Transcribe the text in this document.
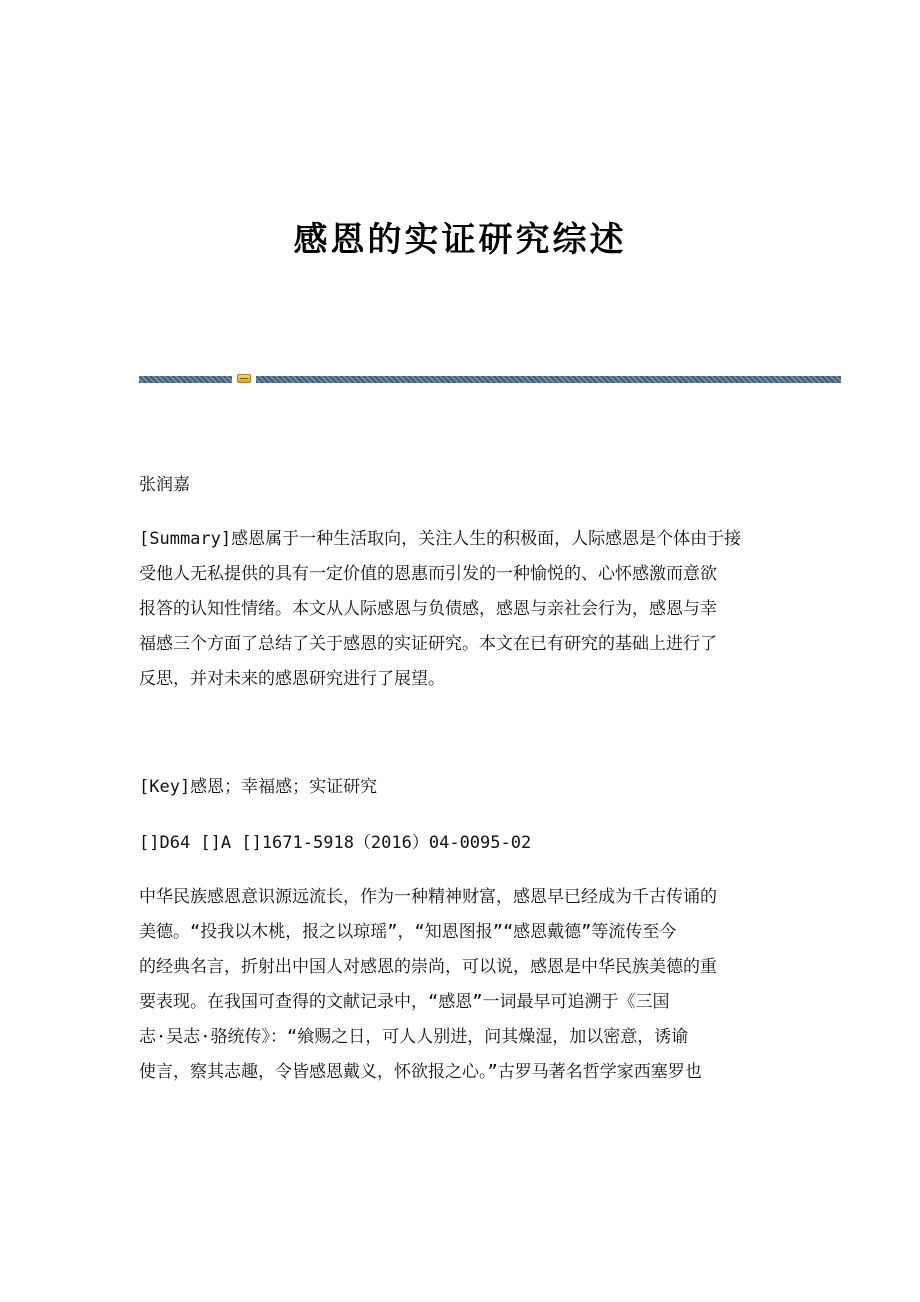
感恩的实证研究综述
张润嘉
[Summary]感恩属于一种生活取向，关注人生的积极面，人际感恩是个体由于接
受他人无私提供的具有一定价值的恩惠而引发的一种愉悦的、心怀感激而意欲
报答的认知性情绪。本文从人际感恩与负债感，感恩与亲社会行为，感恩与幸
福感三个方面了总结了关于感恩的实证研究。本文在已有研究的基础上进行了
反思，并对未来的感恩研究进行了展望。
[Key]感恩；幸福感；实证研究
[]D64 []A []1671-5918（2016）04-0095-02
中华民族感恩意识源远流长，作为一种精神财富，感恩早已经成为千古传诵的
美德。“投我以木桃，报之以琼瑶”，“知恩图报”“感恩戴德”等流传至今
的经典名言，折射出中国人对感恩的崇尚，可以说，感恩是中华民族美德的重
要表现。在我国可查得的文献记录中，“感恩”一词最早可追溯于《三国
志·吴志·骆统传》：“飨赐之日，可人人别进，问其燥湿，加以密意，诱谕
使言，察其志趣，令皆感恩戴义，怀欲报之心。”古罗马著名哲学家西塞罗也
